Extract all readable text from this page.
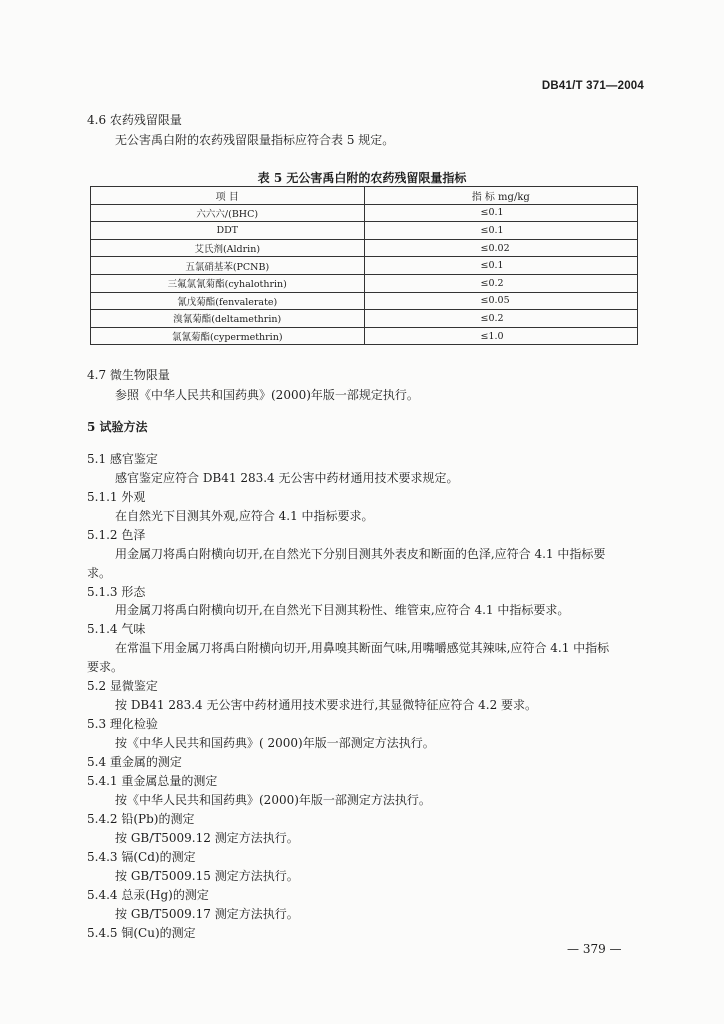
DB41/T 371—2004
4.6 农药残留限量
无公害禹白附的农药残留限量指标应符合表 5 规定。
表 5 无公害禹白附的农药残留限量指标
项 目	指 标 mg/kg
六六六/(BHC)	≤0.1
DDT	≤0.1
艾氏剂(Aldrin)	≤0.02
五氯硝基苯(PCNB)	≤0.1
三氟氯氰菊酯(cyhalothrin)	≤0.2
氰戊菊酯(fenvalerate)	≤0.05
溴氰菊酯(deltamethrin)	≤0.2
氯氰菊酯(cypermethrin)	≤1.0
4.7 微生物限量
参照《中华人民共和国药典》(2000)年版一部规定执行。
5 试验方法
5.1 感官鉴定
感官鉴定应符合 DB41 283.4 无公害中药材通用技术要求规定。
5.1.1 外观
在自然光下目测其外观,应符合 4.1 中指标要求。
5.1.2 色泽
用金属刀将禹白附横向切开,在自然光下分别目测其外表皮和断面的色泽,应符合 4.1 中指标要
求。
5.1.3 形态
用金属刀将禹白附横向切开,在自然光下目测其粉性、维管束,应符合 4.1 中指标要求。
5.1.4 气味
在常温下用金属刀将禹白附横向切开,用鼻嗅其断面气味,用嘴嚼感觉其辣味,应符合 4.1 中指标
要求。
5.2 显微鉴定
按 DB41 283.4 无公害中药材通用技术要求进行,其显微特征应符合 4.2 要求。
5.3 理化检验
按《中华人民共和国药典》( 2000)年版一部测定方法执行。
5.4 重金属的测定
5.4.1 重金属总量的测定
按《中华人民共和国药典》(2000)年版一部测定方法执行。
5.4.2 铅(Pb)的测定
按 GB/T5009.12 测定方法执行。
5.4.3 镉(Cd)的测定
按 GB/T5009.15 测定方法执行。
5.4.4 总汞(Hg)的测定
按 GB/T5009.17 测定方法执行。
5.4.5 铜(Cu)的测定
— 379 —
